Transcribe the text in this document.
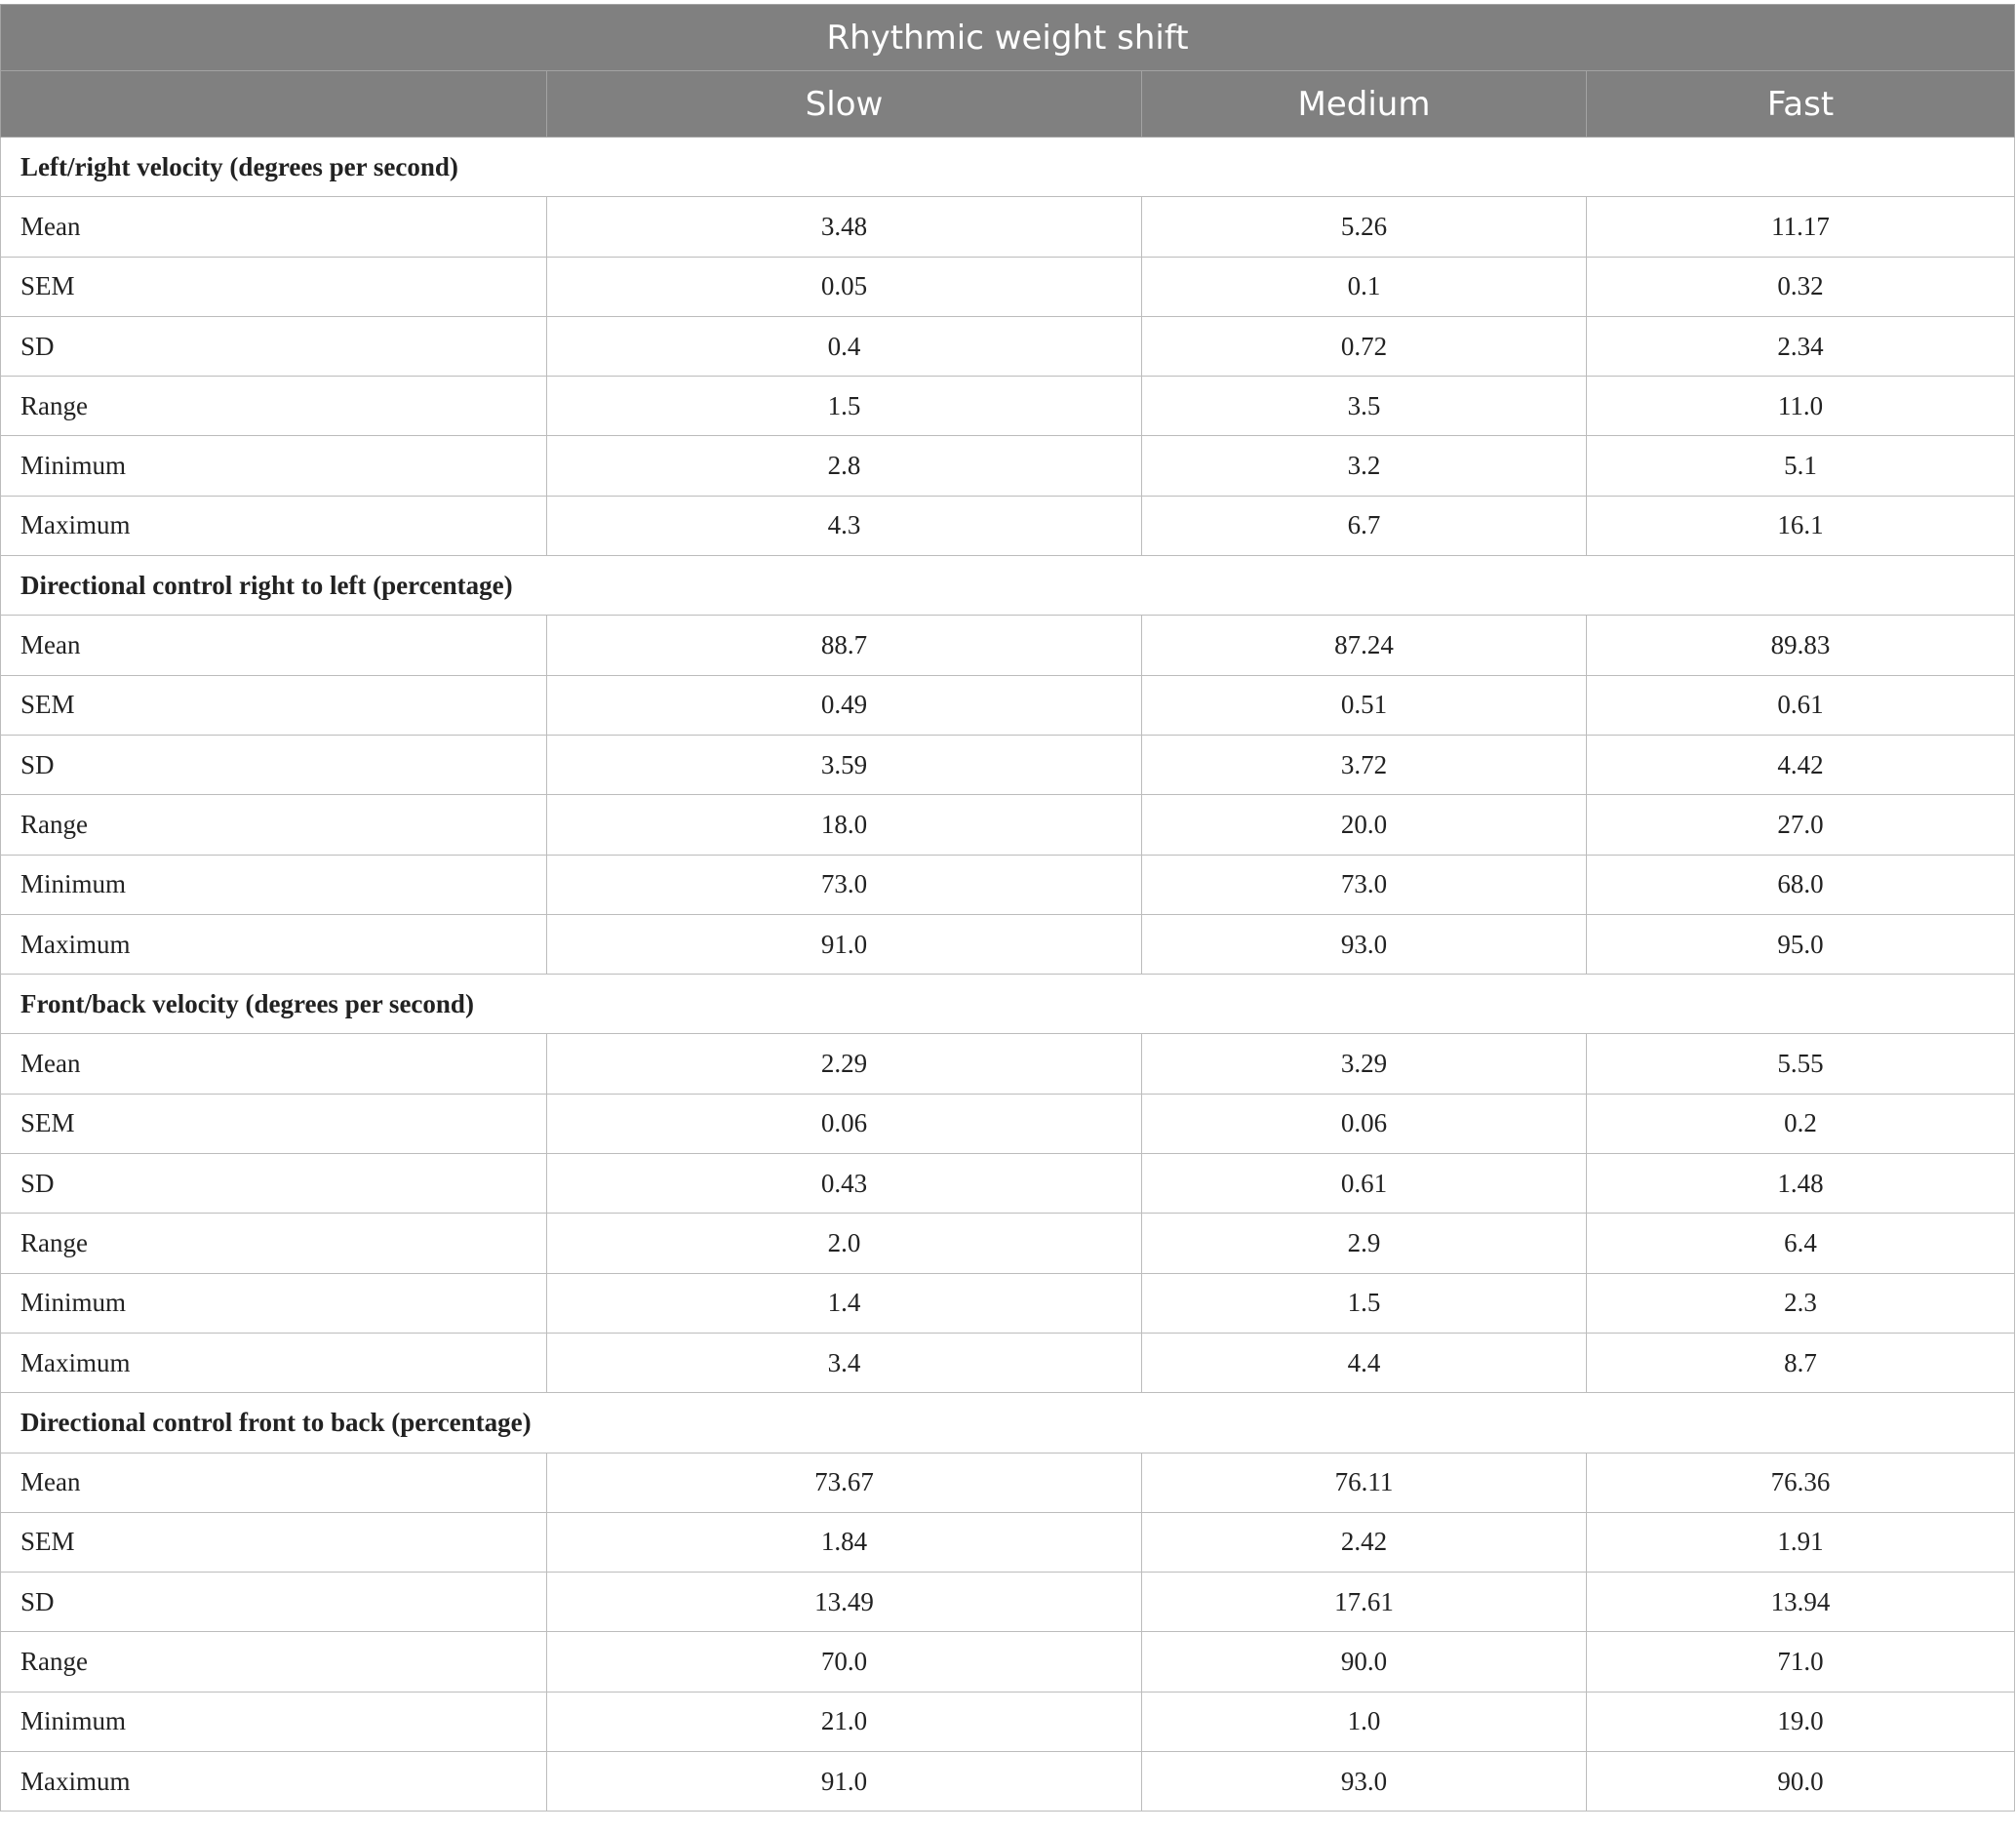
Rhythmic weight shift			
	Slow	Medium	Fast
Left/right velocity (degrees per second)			
Mean	3.48	5.26	11.17
SEM	0.05	0.1	0.32
SD	0.4	0.72	2.34
Range	1.5	3.5	11.0
Minimum	2.8	3.2	5.1
Maximum	4.3	6.7	16.1
Directional control right to left (percentage)			
Mean	88.7	87.24	89.83
SEM	0.49	0.51	0.61
SD	3.59	3.72	4.42
Range	18.0	20.0	27.0
Minimum	73.0	73.0	68.0
Maximum	91.0	93.0	95.0
Front/back velocity (degrees per second)			
Mean	2.29	3.29	5.55
SEM	0.06	0.06	0.2
SD	0.43	0.61	1.48
Range	2.0	2.9	6.4
Minimum	1.4	1.5	2.3
Maximum	3.4	4.4	8.7
Directional control front to back (percentage)			
Mean	73.67	76.11	76.36
SEM	1.84	2.42	1.91
SD	13.49	17.61	13.94
Range	70.0	90.0	71.0
Minimum	21.0	1.0	19.0
Maximum	91.0	93.0	90.0
